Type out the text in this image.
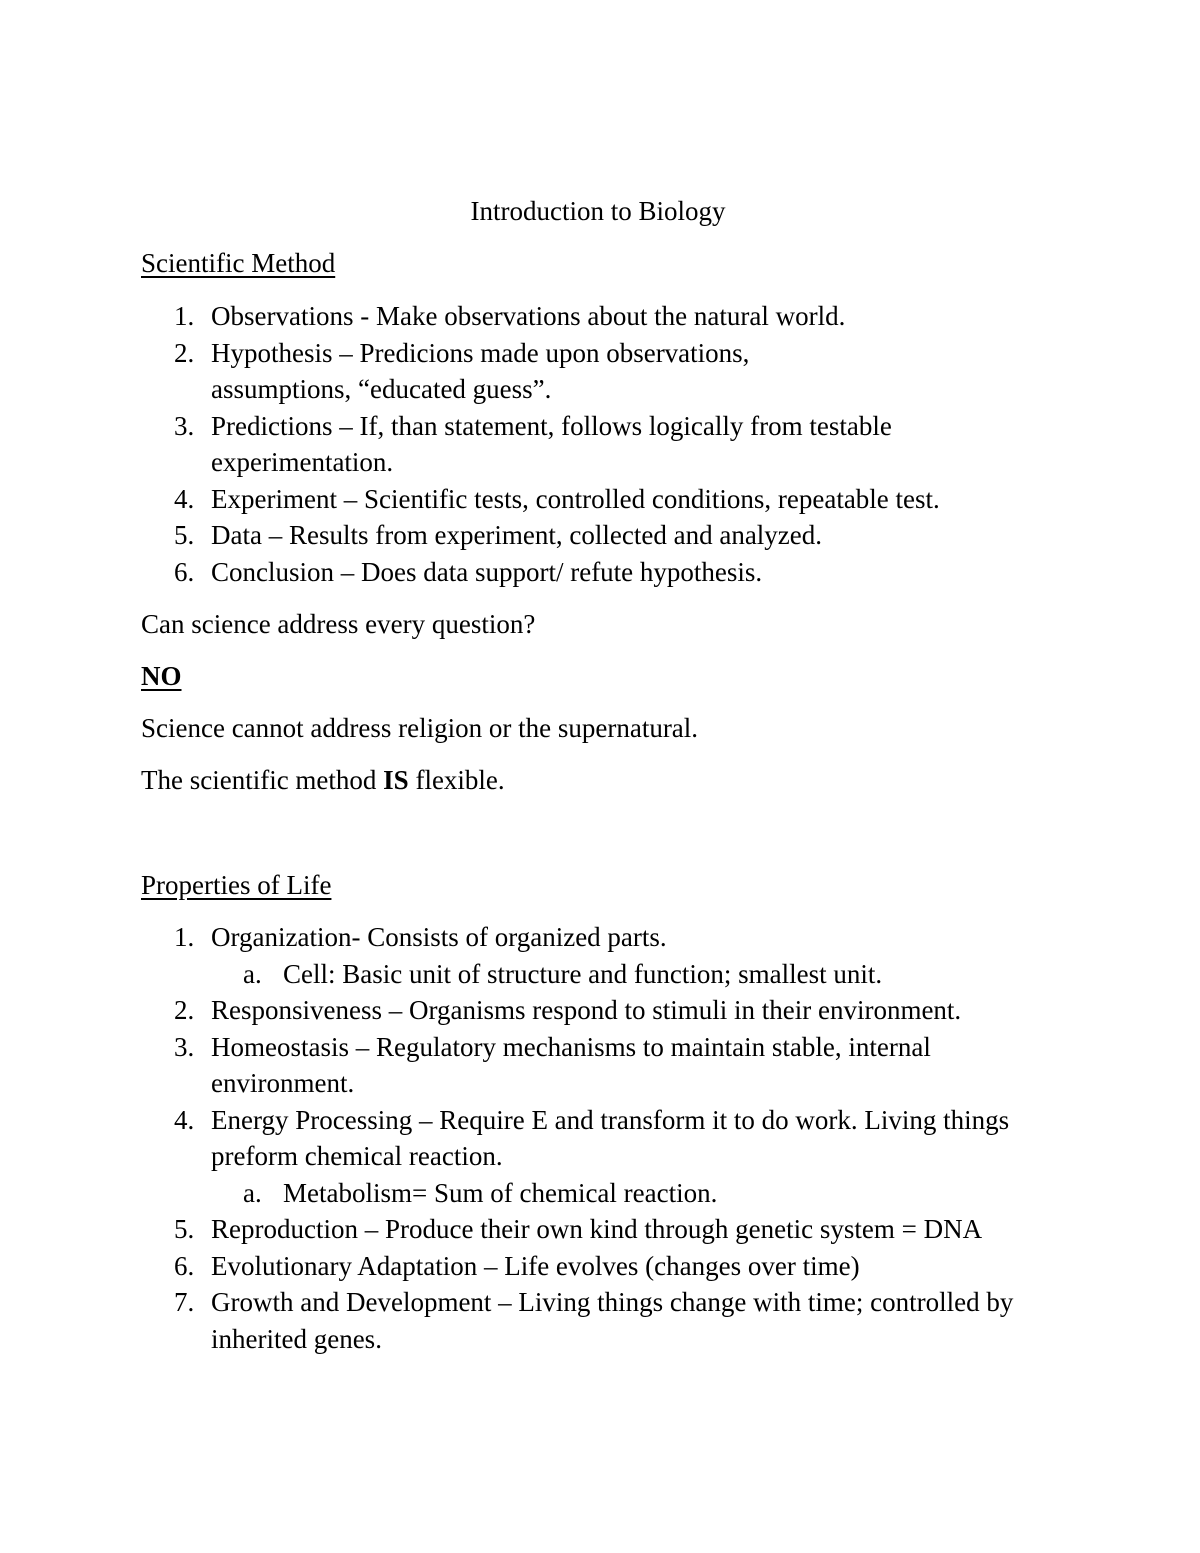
Introduction to Biology
Scientific Method
1. Observations - Make observations about the natural world.
2. Hypothesis – Predicions made upon observations, assumptions, “educated guess”.
3. Predictions – If, than statement, follows logically from testable experimentation.
4. Experiment – Scientific tests, controlled conditions, repeatable test.
5. Data – Results from experiment, collected and analyzed.
6. Conclusion – Does data support/ refute hypothesis.
Can science address every question?
NO
Science cannot address religion or the supernatural.
The scientific method IS flexible.
Properties of Life
1. Organization- Consists of organized parts.
a. Cell: Basic unit of structure and function; smallest unit.
2. Responsiveness – Organisms respond to stimuli in their environment.
3. Homeostasis – Regulatory mechanisms to maintain stable, internal environment.
4. Energy Processing – Require E and transform it to do work. Living things preform chemical reaction.
a. Metabolism= Sum of chemical reaction.
5. Reproduction – Produce their own kind through genetic system = DNA
6. Evolutionary Adaptation – Life evolves (changes over time)
7. Growth and Development – Living things change with time; controlled by inherited genes.
